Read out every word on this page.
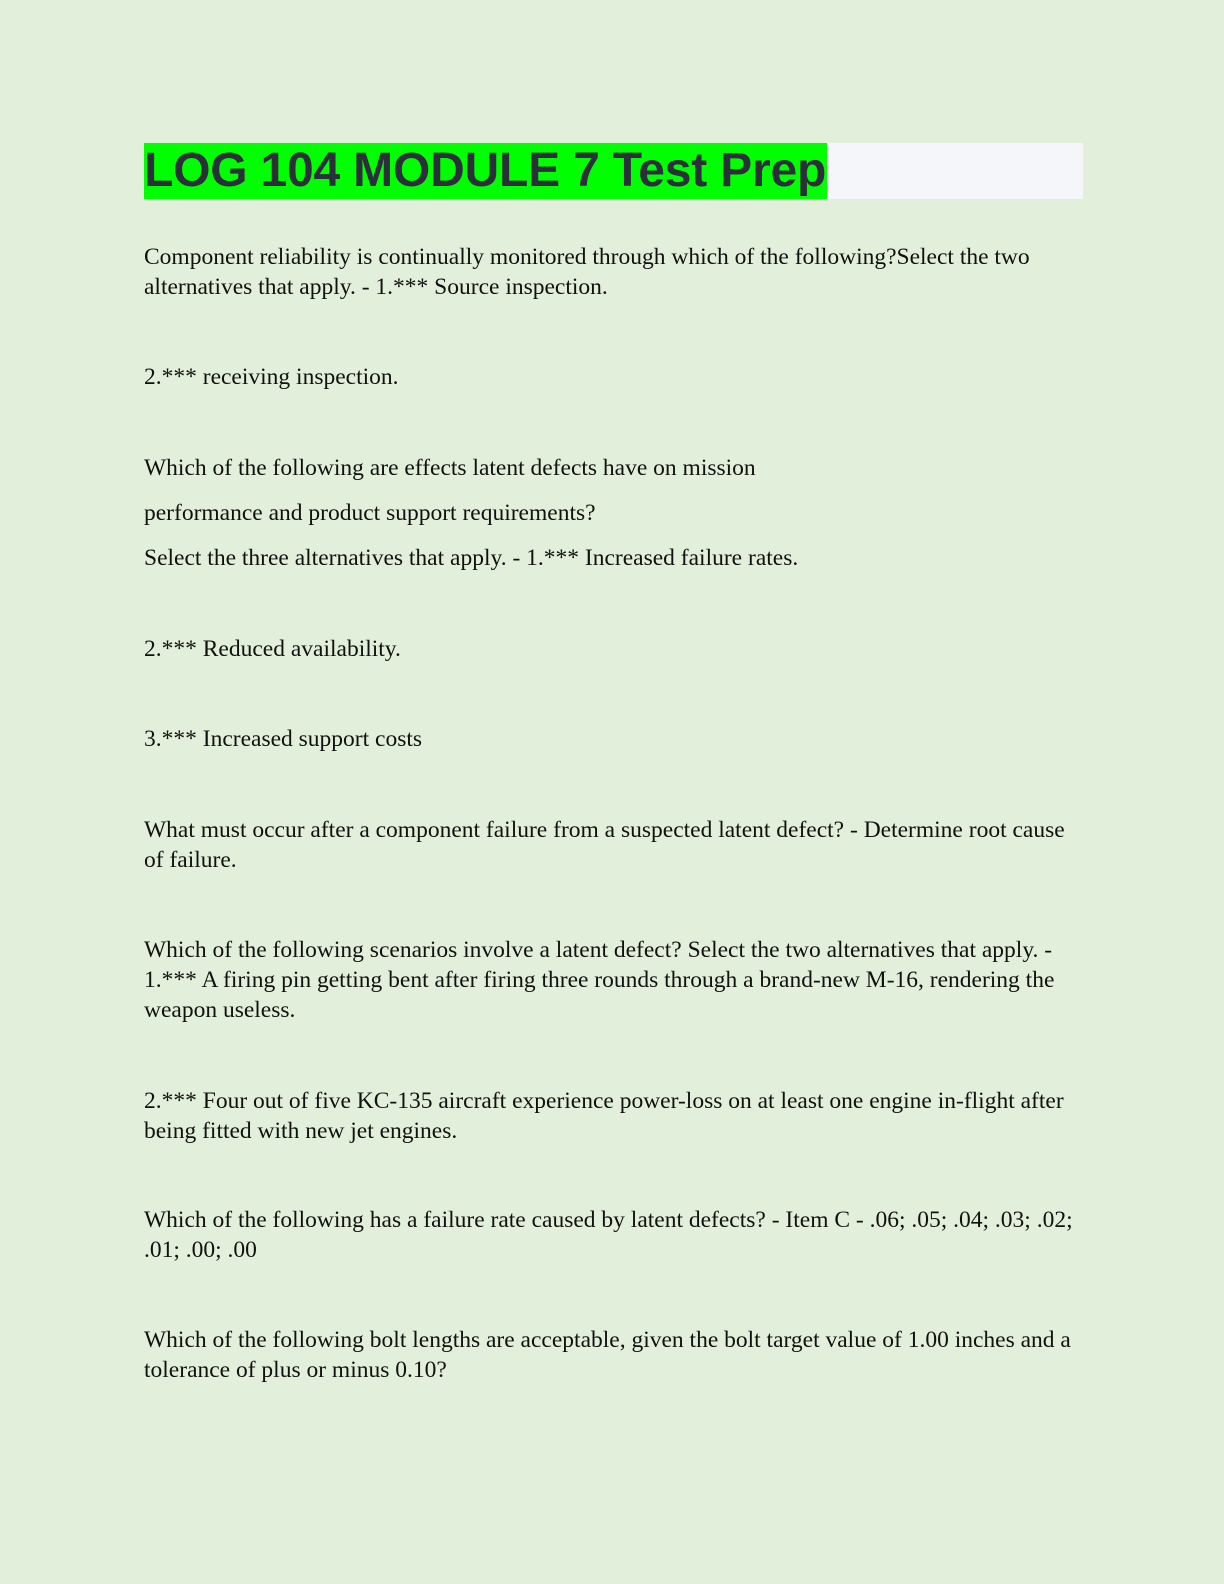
LOG 104 MODULE 7 Test Prep

Component reliability is continually monitored through which of the following?Select the two alternatives that apply. - 1.*** Source inspection.

2.*** receiving inspection.

Which of the following are effects latent defects have on mission

performance and product support requirements?

Select the three alternatives that apply. - 1.*** Increased failure rates.

2.*** Reduced availability.

3.*** Increased support costs

What must occur after a component failure from a suspected latent defect? - Determine root cause of failure.

Which of the following scenarios involve a latent defect? Select the two alternatives that apply. - 1.*** A firing pin getting bent after firing three rounds through a brand-new M-16, rendering the weapon useless.

2.*** Four out of five KC-135 aircraft experience power-loss on at least one engine in-flight after being fitted with new jet engines.

Which of the following has a failure rate caused by latent defects? - Item C - .06; .05; .04; .03; .02; .01; .00; .00

Which of the following bolt lengths are acceptable, given the bolt target value of 1.00 inches and a tolerance of plus or minus 0.10?
